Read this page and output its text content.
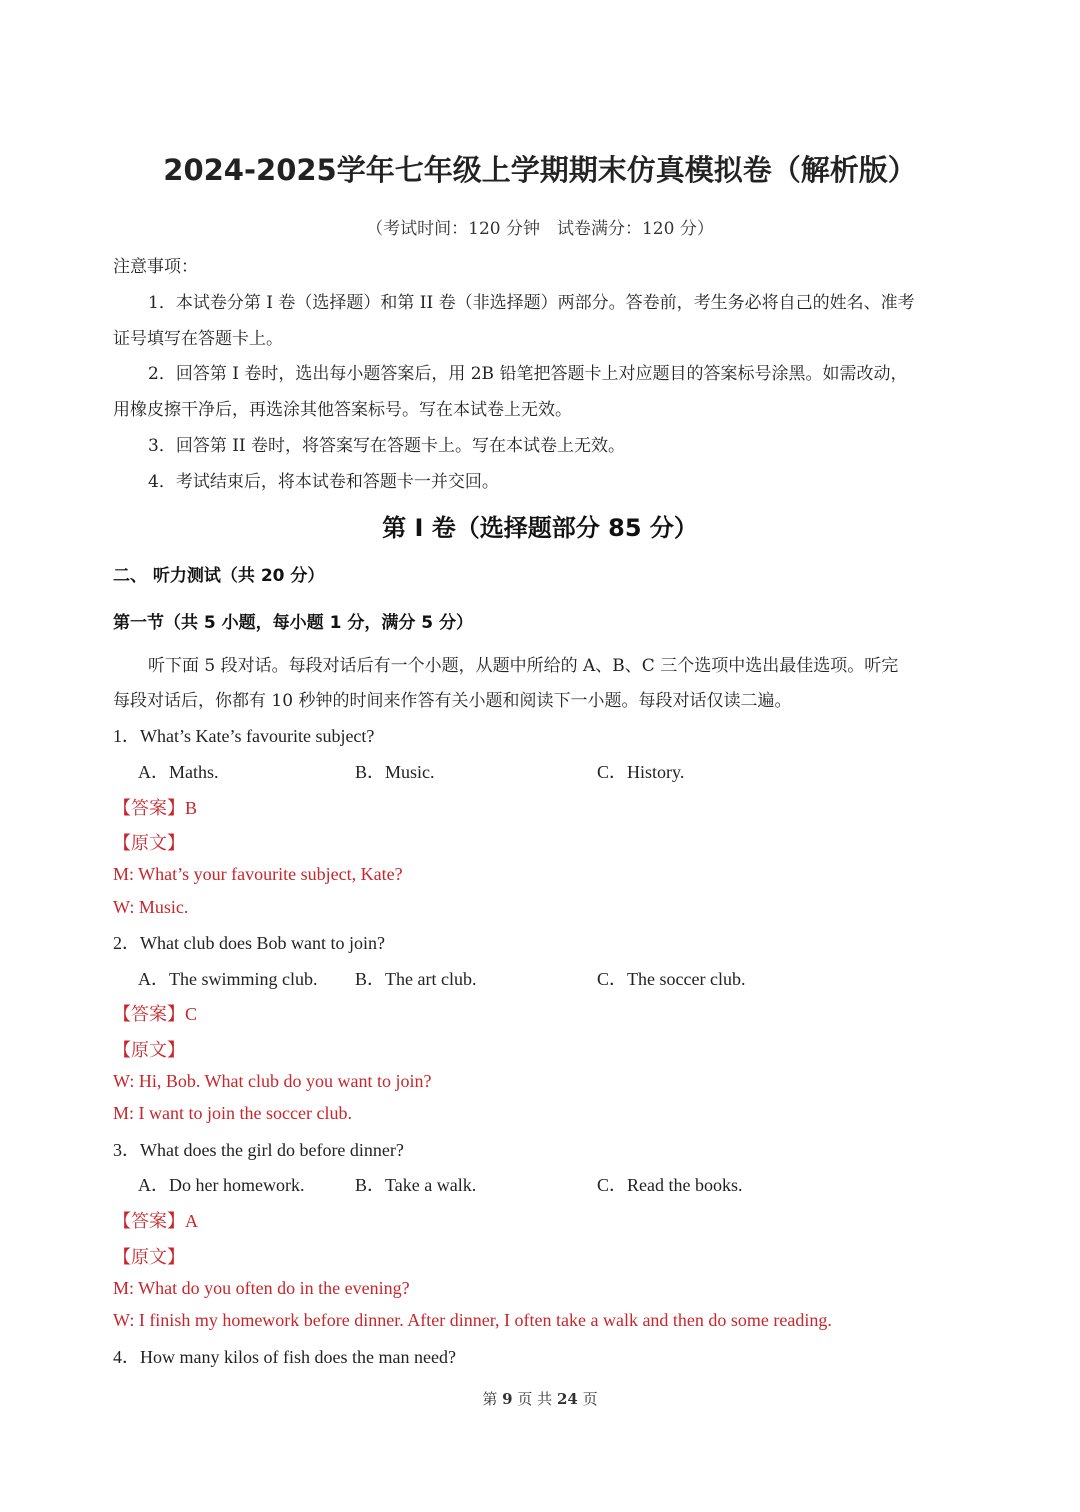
2024-2025学年七年级上学期期末仿真模拟卷（解析版）
（考试时间：120 分钟　试卷满分：120 分）
注意事项：
1．本试卷分第 I 卷（选择题）和第 II 卷（非选择题）两部分。答卷前，考生务必将自己的姓名、准考
证号填写在答题卡上。
2．回答第 I 卷时，选出每小题答案后，用 2B 铅笔把答题卡上对应题目的答案标号涂黑。如需改动，
用橡皮擦干净后，再选涂其他答案标号。写在本试卷上无效。
3．回答第 II 卷时，将答案写在答题卡上。写在本试卷上无效。
4．考试结束后，将本试卷和答题卡一并交回。
第 I 卷（选择题部分 85 分）
二、 听力测试（共 20 分）
第一节（共 5 小题，每小题 1 分，满分 5 分）
听下面 5 段对话。每段对话后有一个小题，从题中所给的 A、B、C 三个选项中选出最佳选项。听完
每段对话后，你都有 10 秒钟的时间来作答有关小题和阅读下一小题。每段对话仅读二遍。
1．What’s Kate’s favourite subject?
A．Maths.	B．Music.	C．History.
【答案】B
【原文】
M: What’s your favourite subject, Kate?
W: Music.
2．What club does Bob want to join?
A．The swimming club. B．The art club.	C．The soccer club.
【答案】C
【原文】
W: Hi, Bob. What club do you want to join?
M: I want to join the soccer club.
3．What does the girl do before dinner?
A．Do her homework.	B．Take a walk.	C．Read the books.
【答案】A
【原文】
M: What do you often do in the evening?
W: I finish my homework before dinner. After dinner, I often take a walk and then do some reading.
4．How many kilos of fish does the man need?
第 9 页 共 24 页
